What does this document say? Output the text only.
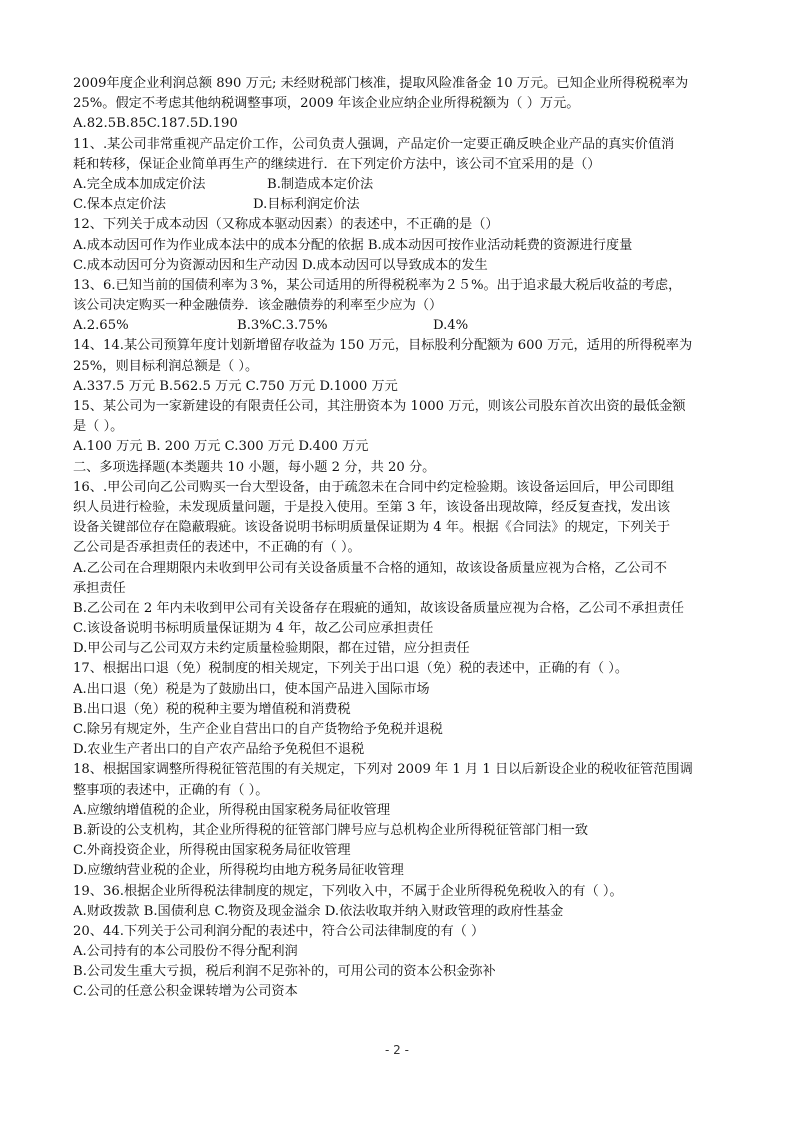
2009年度企业利润总额 890 万元; 未经财税部门核准，提取风险准备金 10 万元。已知企业所得税税率为
25%。假定不考虑其他纳税调整事项，2009 年该企业应纳企业所得税额为（ ）万元。
A.82.5B.85C.187.5D.190
11、.某公司非常重视产品定价工作，公司负责人强调，产品定价一定要正确反映企业产品的真实价值消
耗和转移，保证企业简单再生产的继续进行．在下列定价方法中，该公司不宜采用的是（）
A.完全成本加成定价法	B.制造成本定价法
C.保本点定价法	D.目标利润定价法
12、下列关于成本动因（又称成本驱动因素）的表述中，不正确的是（）
A.成本动因可作为作业成本法中的成本分配的依据 B.成本动因可按作业活动耗费的资源进行度量
C.成本动因可分为资源动因和生产动因 D.成本动因可以导致成本的发生
13、6.已知当前的国债利率为３%，某公司适用的所得税税率为２５%。出于追求最大税后收益的考虑，
该公司决定购买一种金融债券．该金融债券的利率至少应为（）
A.2.65%	B.3%C.3.75%	D.4%
14、14.某公司预算年度计划新增留存收益为 150 万元，目标股利分配额为 600 万元，适用的所得税率为
25%，则目标利润总额是（ ）。
A.337.5 万元 B.562.5 万元 C.750 万元 D.1000 万元
15、某公司为一家新建设的有限责任公司，其注册资本为 1000 万元，则该公司股东首次出资的最低金额
是（ ）。
A.100 万元 B. 200 万元 C.300 万元 D.400 万元
二、多项选择题(本类题共 10 小题，每小题 2 分，共 20 分。
16、.甲公司向乙公司购买一台大型设备，由于疏忽未在合同中约定检验期。该设备运回后，甲公司即组
织人员进行检验，未发现质量问题，于是投入使用。至第 3 年，该设备出现故障，经反复查找，发出该
设备关键部位存在隐蔽瑕疵。该设备说明书标明质量保证期为 4 年。根据《合同法》的规定，下列关于
乙公司是否承担责任的表述中，不正确的有（ ）。
A.乙公司在合理期限内未收到甲公司有关设备质量不合格的通知，故该设备质量应视为合格，乙公司不
承担责任
B.乙公司在 2 年内未收到甲公司有关设备存在瑕疵的通知，故该设备质量应视为合格，乙公司不承担责任
C.该设备说明书标明质量保证期为 4 年，故乙公司应承担责任
D.甲公司与乙公司双方未约定质量检验期限，都在过错，应分担责任
17、根据出口退（免）税制度的相关规定，下列关于出口退（免）税的表述中，正确的有（ ）。
A.出口退（免）税是为了鼓励出口，使本国产品进入国际市场
B.出口退（免）税的税种主要为增值税和消费税
C.除另有规定外，生产企业自营出口的自产货物给予免税并退税
D.农业生产者出口的自产农产品给予免税但不退税
18、根据国家调整所得税征管范围的有关规定，下列对 2009 年 1 月 1 日以后新设企业的税收征管范围调
整事项的表述中，正确的有（ ）。
A.应缴纳增值税的企业，所得税由国家税务局征收管理
B.新设的公支机构，其企业所得税的征管部门牌号应与总机构企业所得税征管部门相一致
C.外商投资企业，所得税由国家税务局征收管理
D.应缴纳营业税的企业，所得税均由地方税务局征收管理
19、36.根据企业所得税法律制度的规定，下列收入中，不属于企业所得税免税收入的有（ ）。
A.财政拨款 B.国债利息 C.物资及现金溢余 D.依法收取并纳入财政管理的政府性基金
20、44.下列关于公司利润分配的表述中，符合公司法律制度的有（ ）
A.公司持有的本公司股份不得分配利润
B.公司发生重大亏损，税后利润不足弥补的，可用公司的资本公积金弥补
C.公司的任意公积金课转增为公司资本
- 2 -
